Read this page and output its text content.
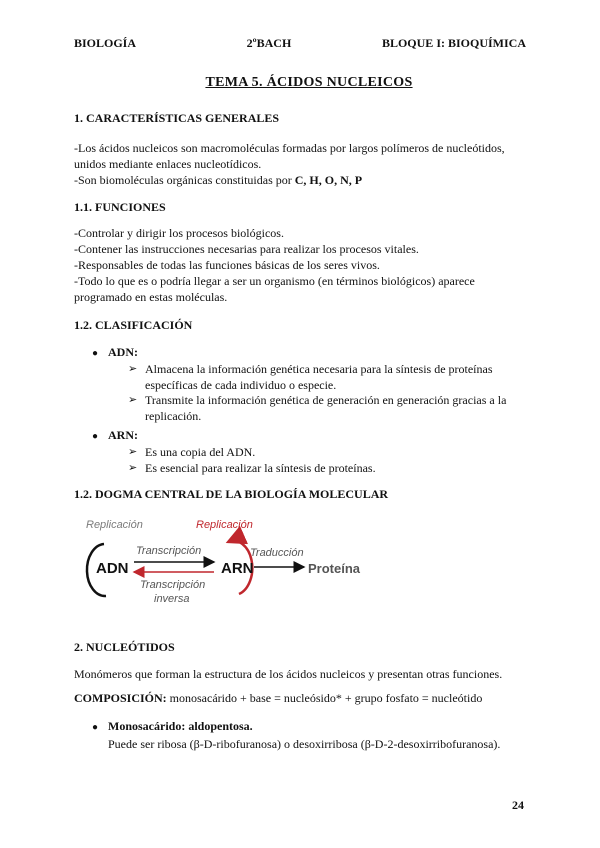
BIOLOGÍA	2ºBACH	BLOQUE I: BIOQUÍMICA
TEMA 5. ÁCIDOS NUCLEICOS
1. CARACTERÍSTICAS GENERALES
-Los ácidos nucleicos son macromoléculas formadas por largos polímeros de nucleótidos,
unidos mediante enlaces nucleotídicos.
-Son biomoléculas orgánicas constituidas por C, H, O, N, P
1.1. FUNCIONES
-Controlar y dirigir los procesos biológicos.
-Contener las instrucciones necesarias para realizar los procesos vitales.
-Responsables de todas las funciones básicas de los seres vivos.
-Todo lo que es o podría llegar a ser un organismo (en términos biológicos) aparece
programado en estas moléculas.
1.2. CLASIFICACIÓN
● ADN:
➢ Almacena la información genética necesaria para la síntesis de proteínas específicas de cada individuo o especie.
➢ Transmite la información genética de generación en generación gracias a la replicación.
● ARN:
➢ Es una copia del ADN.
➢ Es esencial para realizar la síntesis de proteínas.
1.2. DOGMA CENTRAL DE LA BIOLOGÍA MOLECULAR
Replicación	Replicación
ADN	ARN	Proteína
Transcripción
Transcripción
inversa
Traducción
2. NUCLEÓTIDOS
Monómeros que forman la estructura de los ácidos nucleicos y presentan otras funciones.
COMPOSICIÓN: monosacárido + base = nucleósido* + grupo fosfato = nucleótido
● Monosacárido: aldopentosa.
Puede ser ribosa (β-D-ribofuranosa) o desoxirribosa (β-D-2-desoxirribofuranosa).
24
